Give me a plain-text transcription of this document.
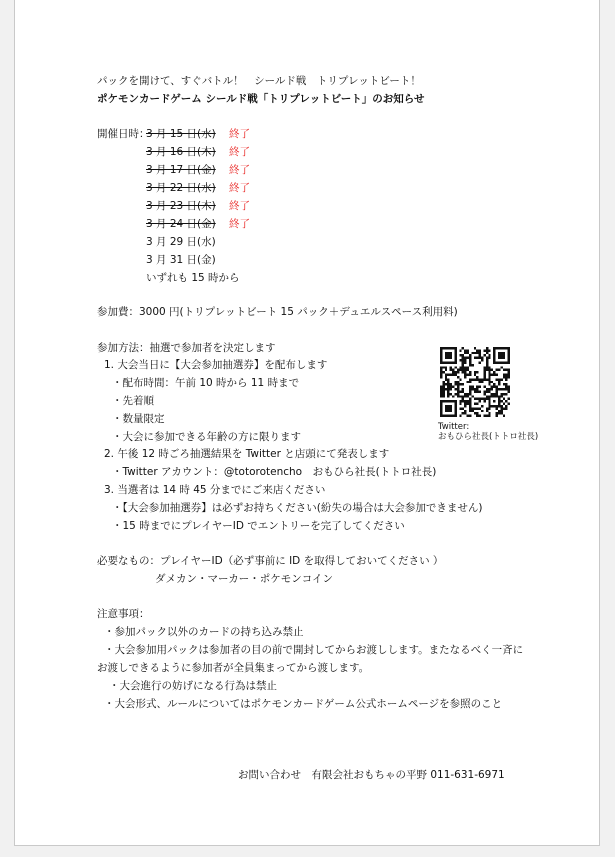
パックを開けて、すぐバトル！　シールド戦　トリプレットビート！
ポケモンカードゲーム シールド戦「トリプレットビート」のお知らせ
開催日時：
3 月 15 日(水) 終了
3 月 16 日(木) 終了
3 月 17 日(金) 終了
3 月 22 日(水) 終了
3 月 23 日(木) 終了
3 月 24 日(金) 終了
3 月 29 日(水)
3 月 31 日(金)
いずれも 15 時から
参加費：3000 円(トリプレットビート 15 パック＋デュエルスペース利用料)
参加方法：抽選で参加者を決定します
1. 大会当日に【大会参加抽選券】を配布します
・配布時間：午前 10 時から 11 時まで
・先着順
・数量限定
・大会に参加できる年齢の方に限ります
2. 午後 12 時ごろ抽選結果を Twitter と店頭にて発表します
・Twitter アカウント：@totorotencho　おもひら社長(トトロ社長)
3. 当選者は 14 時 45 分までにご来店ください
・【大会参加抽選券】は必ずお持ちください(紛失の場合は大会参加できません)
・15 時までにプレイヤーID でエントリーを完了してください
Twitter:
おもひら社長(トトロ社長)
必要なもの：プレイヤーID（必ず事前に ID を取得しておいてください ）
ダメカン・マーカー・ポケモンコイン
注意事項：
・参加パック以外のカードの持ち込み禁止
・大会参加用パックは参加者の目の前で開封してからお渡しします。またなるべく一斉に
お渡しできるように参加者が全員集まってから渡します。
・大会進行の妨げになる行為は禁止
・大会形式、ルールについてはポケモンカードゲーム公式ホームページを参照のこと
お問い合わせ　有限会社おもちゃの平野 011-631-6971
